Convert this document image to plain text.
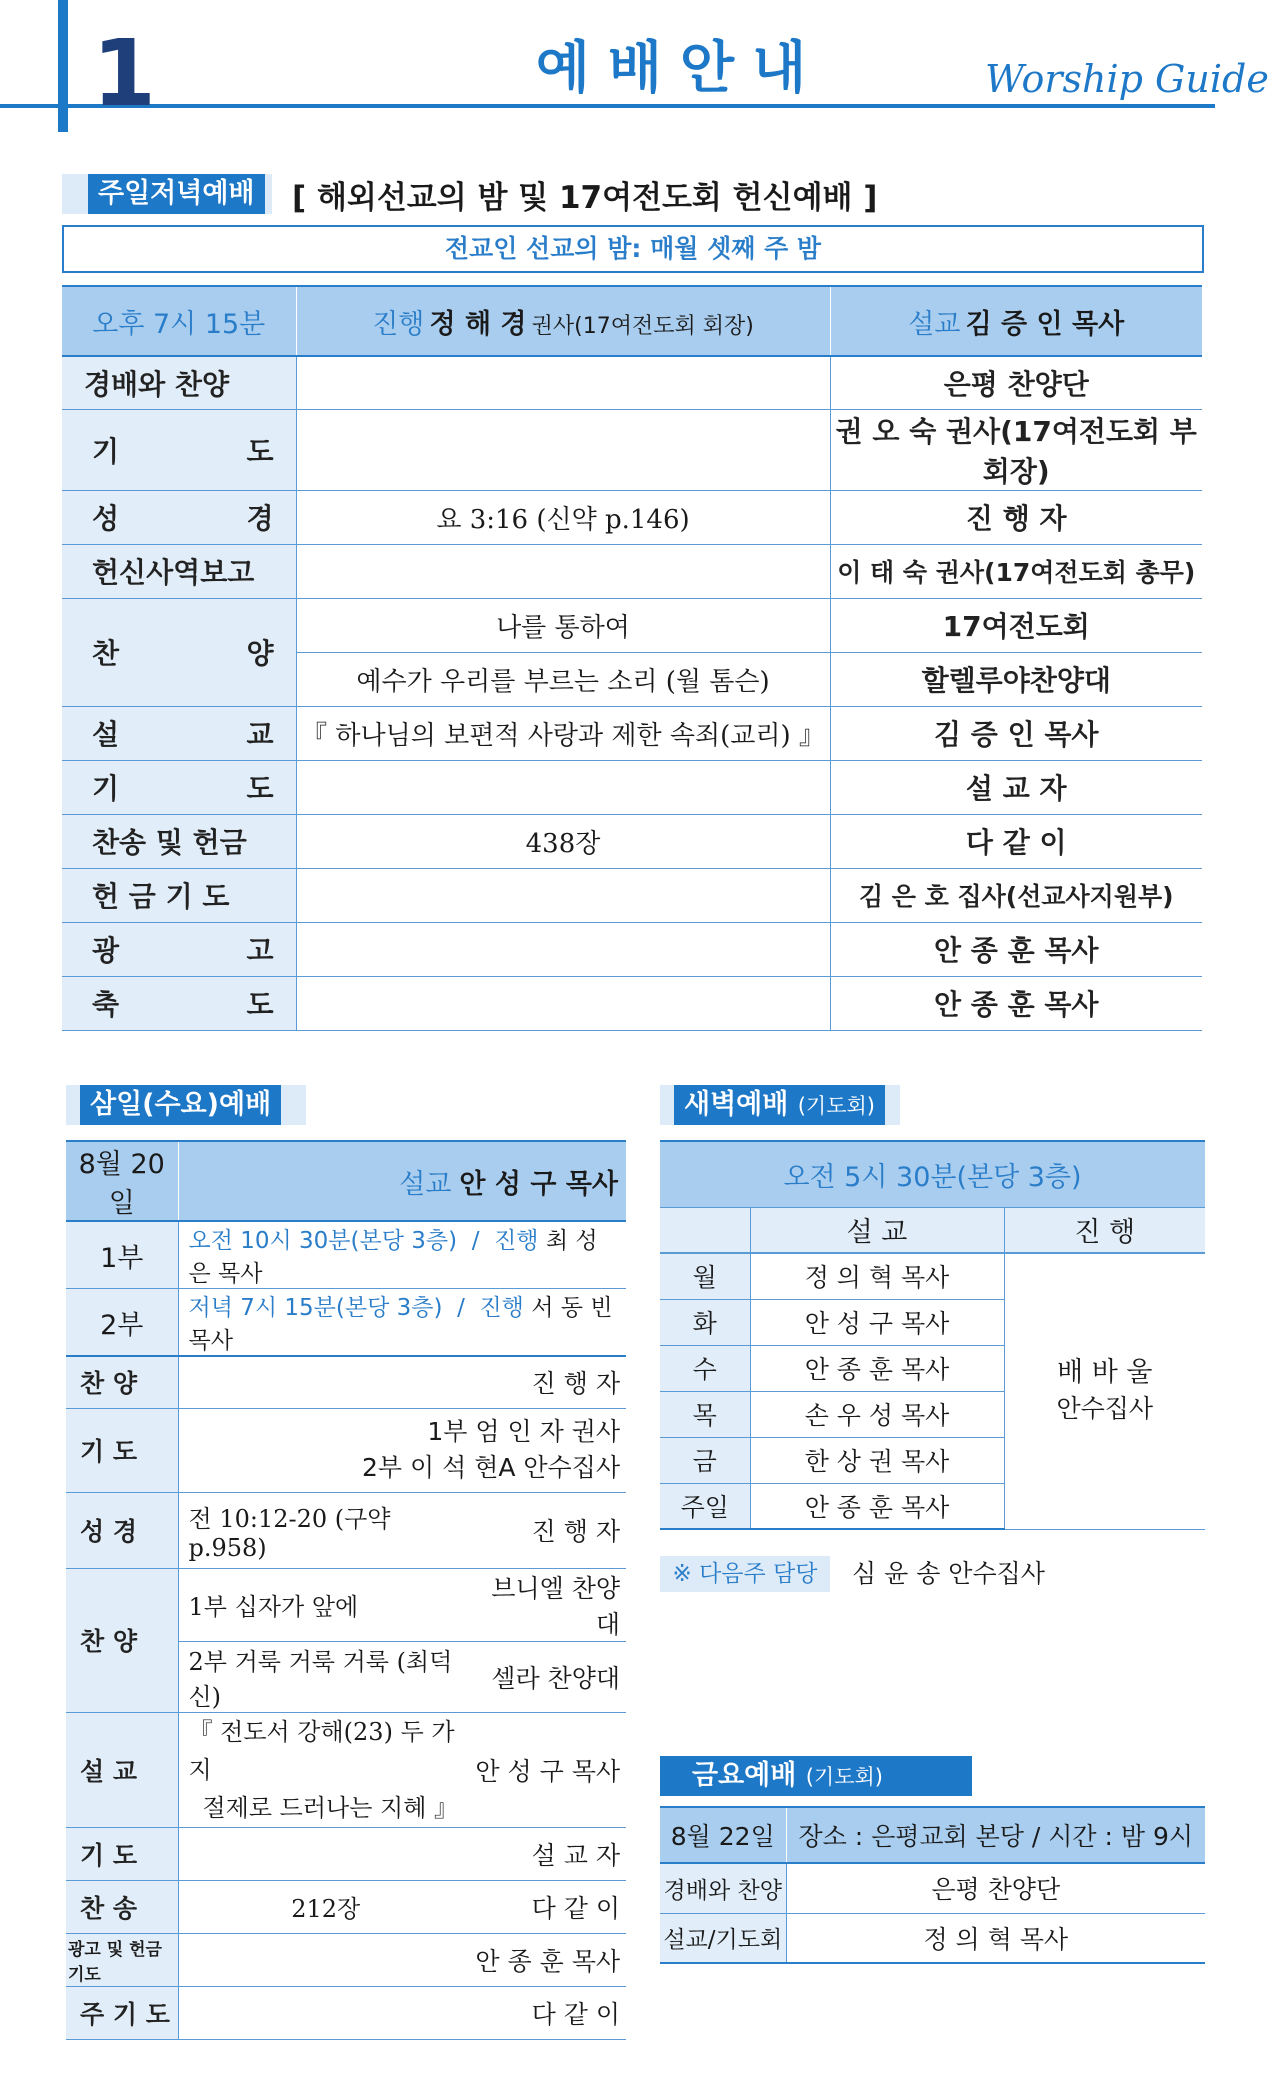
1	예배안내	Worship Guide
주일저녁예배	[ 해외선교의 밤 및 17여전도회 헌신예배 ]
전교인 선교의 밤: 매월 셋째 주 밤
오후 7시 15분	진행 정 해 경 권사(17여전도회 회장)	설교 김 증 인 목사

경배와 찬양		은평 찬양단

기 도		권 오 숙 권사(17여전도회 부회장)

성 경	요 3:16 (신약 p.146)	진 행 자

헌신사역보고		이 태 숙 권사(17여전도회 총무)

찬 양	나를 통하여	17여전도회
	예수가 우리를 부르는 소리 (월 톰슨)	할렐루야찬양대

설 교	『 하나님의 보편적 사랑과 제한 속죄(교리) 』	김 증 인 목사

기 도		설 교 자

찬송 및 헌금	438장	다 같 이

헌 금 기 도		김 은 호 집사(선교사지원부)

광 고		안 종 훈 목사

축 도		안 종 훈 목사
삼일(수요)예배
8월 20일	설교 안 성 구 목사	
1부	오전 10시 30분(본당 3층) / 진행 최 성 은 목사	
2부	저녁 7시 15분(본당 3층) / 진행 서 동 빈 목사	
찬 양	진 행 자	
기 도	1부 엄 인 자 권사
2부 이 석 현A 안수집사	

성 경	전 10:12-20 (구약 p.958)	진 행 자
찬 양	1부 십자가 앞에	브니엘 찬양대
	2부 거룩 거룩 거룩 (최덕신)	셀라 찬양대
설 교	『 전도서 강해(23) 두 가지
절제로 드러나는 지혜 』	안 성 구 목사
기 도	설 교 자	
찬 송	212장	다 같 이
광고 및 헌금기도	안 종 훈 목사	
주 기 도	다 같 이	
새벽예배 (기도회)
오전 5시 30분(본당 3층)		
	설 교	진 행
월	정 의 혁 목사	배 바 울
안수집사

화	안 성 구 목사	
수	안 종 훈 목사	
목	손 우 성 목사	
금	한 상 권 목사	
주일	안 종 훈 목사	
※ 다음주 담당	심 윤 송 안수집사
금요예배 (기도회)
8월 22일	장소 : 은평교회 본당 / 시간 : 밤 9시
경배와 찬양	은평 찬양단
설교/기도회	정 의 혁 목사
